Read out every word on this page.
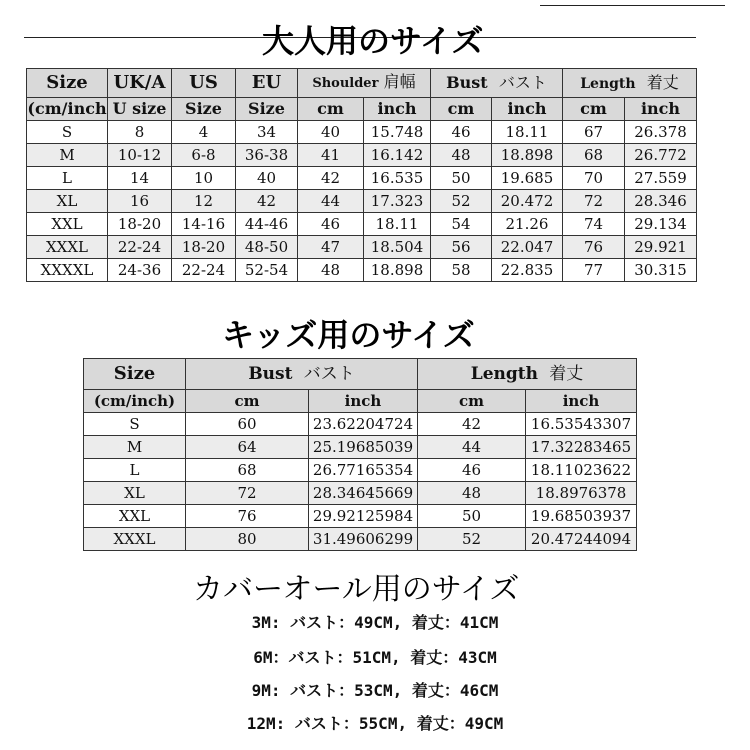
大人用のサイズ
Size	UK/A	US	EU	Shoulder 肩幅		Bust バスト		Length 着丈	
(cm/inch	U size	Size	Size	cm	inch	cm	inch	cm	inch
S	8	4	34	40	15.748	46	18.11	67	26.378
M	10-12	6-8	36-38	41	16.142	48	18.898	68	26.772
L	14	10	40	42	16.535	50	19.685	70	27.559
XL	16	12	42	44	17.323	52	20.472	72	28.346
XXL	18-20	14-16	44-46	46	18.11	54	21.26	74	29.134
XXXL	22-24	18-20	48-50	47	18.504	56	22.047	76	29.921
XXXXL	24-36	22-24	52-54	48	18.898	58	22.835	77	30.315
キッズ用のサイズ
Size	Bust バスト		Length 着丈	
(cm/inch)	cm	inch	cm	inch
S	60	23.62204724	42	16.53543307
M	64	25.19685039	44	17.32283465
L	68	26.77165354	46	18.11023622
XL	72	28.34645669	48	18.8976378
XXL	76	29.92125984	50	19.68503937
XXXL	80	31.49606299	52	20.47244094
カバーオール用のサイズ
3M: バスト：49CM, 着丈：41CM
6M：バスト：51CM, 着丈：43CM
9M: バスト：53CM, 着丈：46CM
12M: バスト：55CM, 着丈：49CM
